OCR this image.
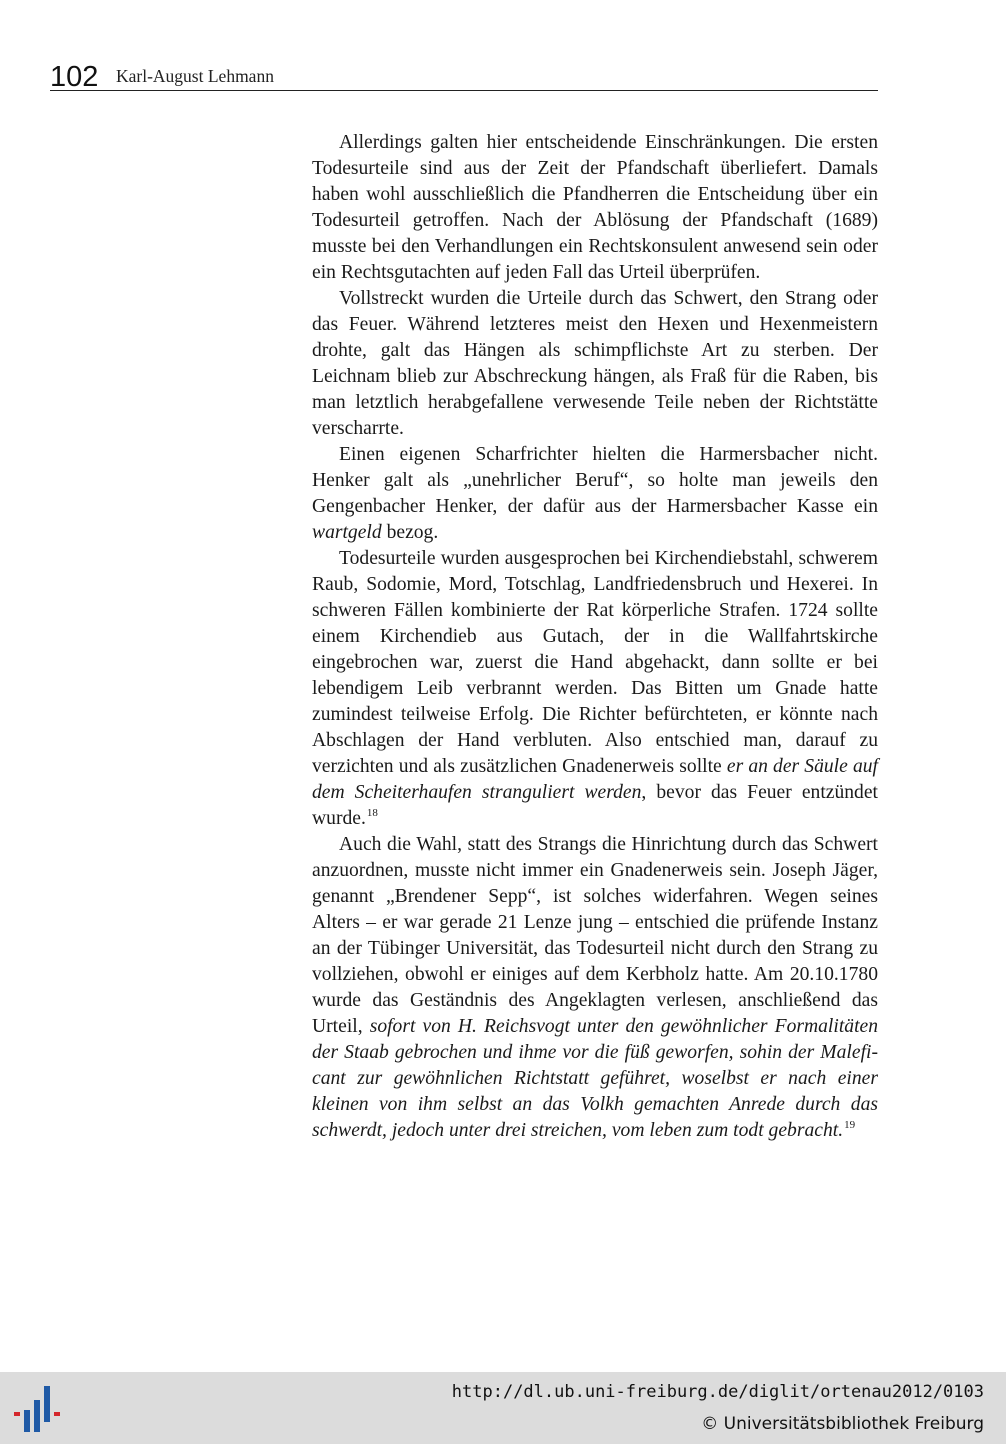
102 Karl-August Lehmann

Allerdings galten hier entscheidende Einschränkungen. Die ersten Todesurteile sind aus der Zeit der Pfandschaft überliefert. Damals haben wohl ausschließlich die Pfandherren die Entscheidung über ein Todesurteil getroffen. Nach der Ablösung der Pfandschaft (1689) musste bei den Verhandlungen ein Rechtskonsulent anwesend sein oder ein Rechtsgutachten auf jeden Fall das Urteil überprüfen.

Vollstreckt wurden die Urteile durch das Schwert, den Strang oder das Feuer. Während letzteres meist den Hexen und Hexenmeistern drohte, galt das Hängen als schimpflichste Art zu sterben. Der Leichnam blieb zur Abschreckung hängen, als Fraß für die Raben, bis man letztlich herabgefallene verwesende Teile neben der Richtstätte verscharrte.

Einen eigenen Scharfrichter hielten die Harmersbacher nicht. Henker galt als „unehrlicher Beruf“, so holte man jeweils den Gengenbacher Henker, der dafür aus der Harmersbacher Kasse ein wartgeld bezog.

Todesurteile wurden ausgesprochen bei Kirchendiebstahl, schwerem Raub, Sodomie, Mord, Totschlag, Landfriedensbruch und Hexerei. In schweren Fällen kombinierte der Rat körperliche Strafen. 1724 sollte einem Kirchendieb aus Gutach, der in die Wallfahrtskirche eingebrochen war, zuerst die Hand abgehackt, dann sollte er bei lebendigem Leib verbrannt werden. Das Bitten um Gnade hatte zumindest teilweise Erfolg. Die Richter befürchteten, er könnte nach Abschlagen der Hand verbluten. Also entschied man, darauf zu verzichten und als zusätzlichen Gnadenerweis sollte er an der Säule auf dem Scheiterhaufen stranguliert werden, bevor das Feuer entzündet wurde.$^{18}$

Auch die Wahl, statt des Strangs die Hinrichtung durch das Schwert anzuordnen, musste nicht immer ein Gnadenerweis sein. Joseph Jäger, genannt „Brendener Sepp“, ist solches widerfahren. Wegen seines Alters – er war gerade 21 Lenze jung – entschied die prüfende Instanz an der Tübinger Universität, das Todesurteil nicht durch den Strang zu vollziehen, obwohl er einiges auf dem Kerbholz hatte. Am 20.10.1780 wurde das Geständnis des Angeklagten verlesen, anschließend das Urteil, sofort von H. Reichsvogt unter den gewöhnlicher Formalitäten der Staab gebrochen und ihme vor die füß geworfen, sohin der Maleficant zur gewöhnlichen Richtstatt geführet, woselbst er nach einer kleinen von ihm selbst an das Volkh gemachten Anrede durch das schwerdt, jedoch unter drei streichen, vom leben zum todt gebracht.$^{19}$

http://dl.ub.uni-freiburg.de/diglit/ortenau2012/0103
© Universitätsbibliothek Freiburg
